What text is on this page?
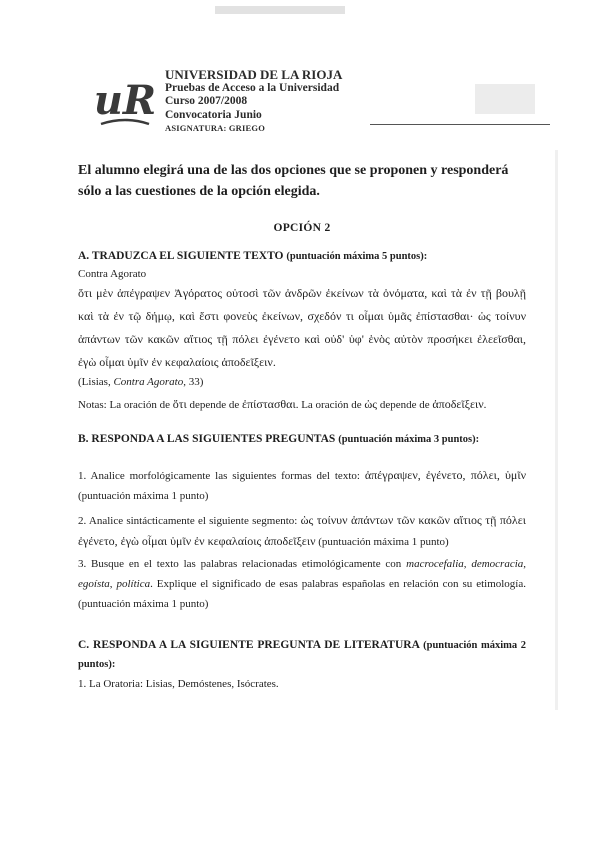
uR
UNIVERSIDAD DE LA RIOJA
Pruebas de Acceso a la Universidad
Curso 2007/2008
Convocatoria Junio
ASIGNATURA: GRIEGO

El alumno elegirá una de las dos opciones que se proponen y responderá sólo a las cuestiones de la opción elegida.

OPCIÓN 2

A. TRADUZCA EL SIGUIENTE TEXTO (puntuación máxima 5 puntos):

Contra Agorato

ὅτι μὲν ἀπέγραψεν Ἀγόρατος οὑτοσὶ τῶν ἀνδρῶν ἐκείνων τὰ ὀνόματα, καὶ τὰ ἐν τῇ βουλῇ καὶ τὰ ἐν τῷ δήμῳ, καὶ ἔστι φονεὺς ἐκείνων, σχεδόν τι οἶμαι ὑμᾶς ἐπίστασθαι· ὡς τοίνυν ἁπάντων τῶν κακῶν αἴτιος τῇ πόλει ἐγένετο καὶ οὐδ' ὑφ' ἑνὸς αὐτὸν προσήκει ἐλεεῖσθαι, ἐγὼ οἶμαι ὑμῖν ἐν κεφαλαίοις ἀποδεῖξειν.

(Lisias, Contra Agorato, 33)

Notas: La oración de ὅτι depende de ἐπίστασθαι. La oración de ὡς depende de ἀποδεῖξειν.

B. RESPONDA A LAS SIGUIENTES PREGUNTAS (puntuación máxima 3 puntos):

1. Analice morfológicamente las siguientes formas del texto: ἀπέγραψεν, ἐγένετο, πόλει, ὑμῖν (puntuación máxima 1 punto)

2. Analice sintácticamente el siguiente segmento: ὡς τοίνυν ἁπάντων τῶν κακῶν αἴτιος τῇ πόλει ἐγένετο, ἐγὼ οἶμαι ὑμῖν ἐν κεφαλαίοις ἀποδεῖξειν (puntuación máxima 1 punto)

3. Busque en el texto las palabras relacionadas etimológicamente con macrocefalia, democracia, egoísta, política. Explique el significado de esas palabras españolas en relación con su etimología.(puntuación máxima 1 punto)

C. RESPONDA A LA SIGUIENTE PREGUNTA DE LITERATURA (puntuación máxima 2 puntos):

1. La Oratoria: Lisias, Demóstenes, Isócrates.
